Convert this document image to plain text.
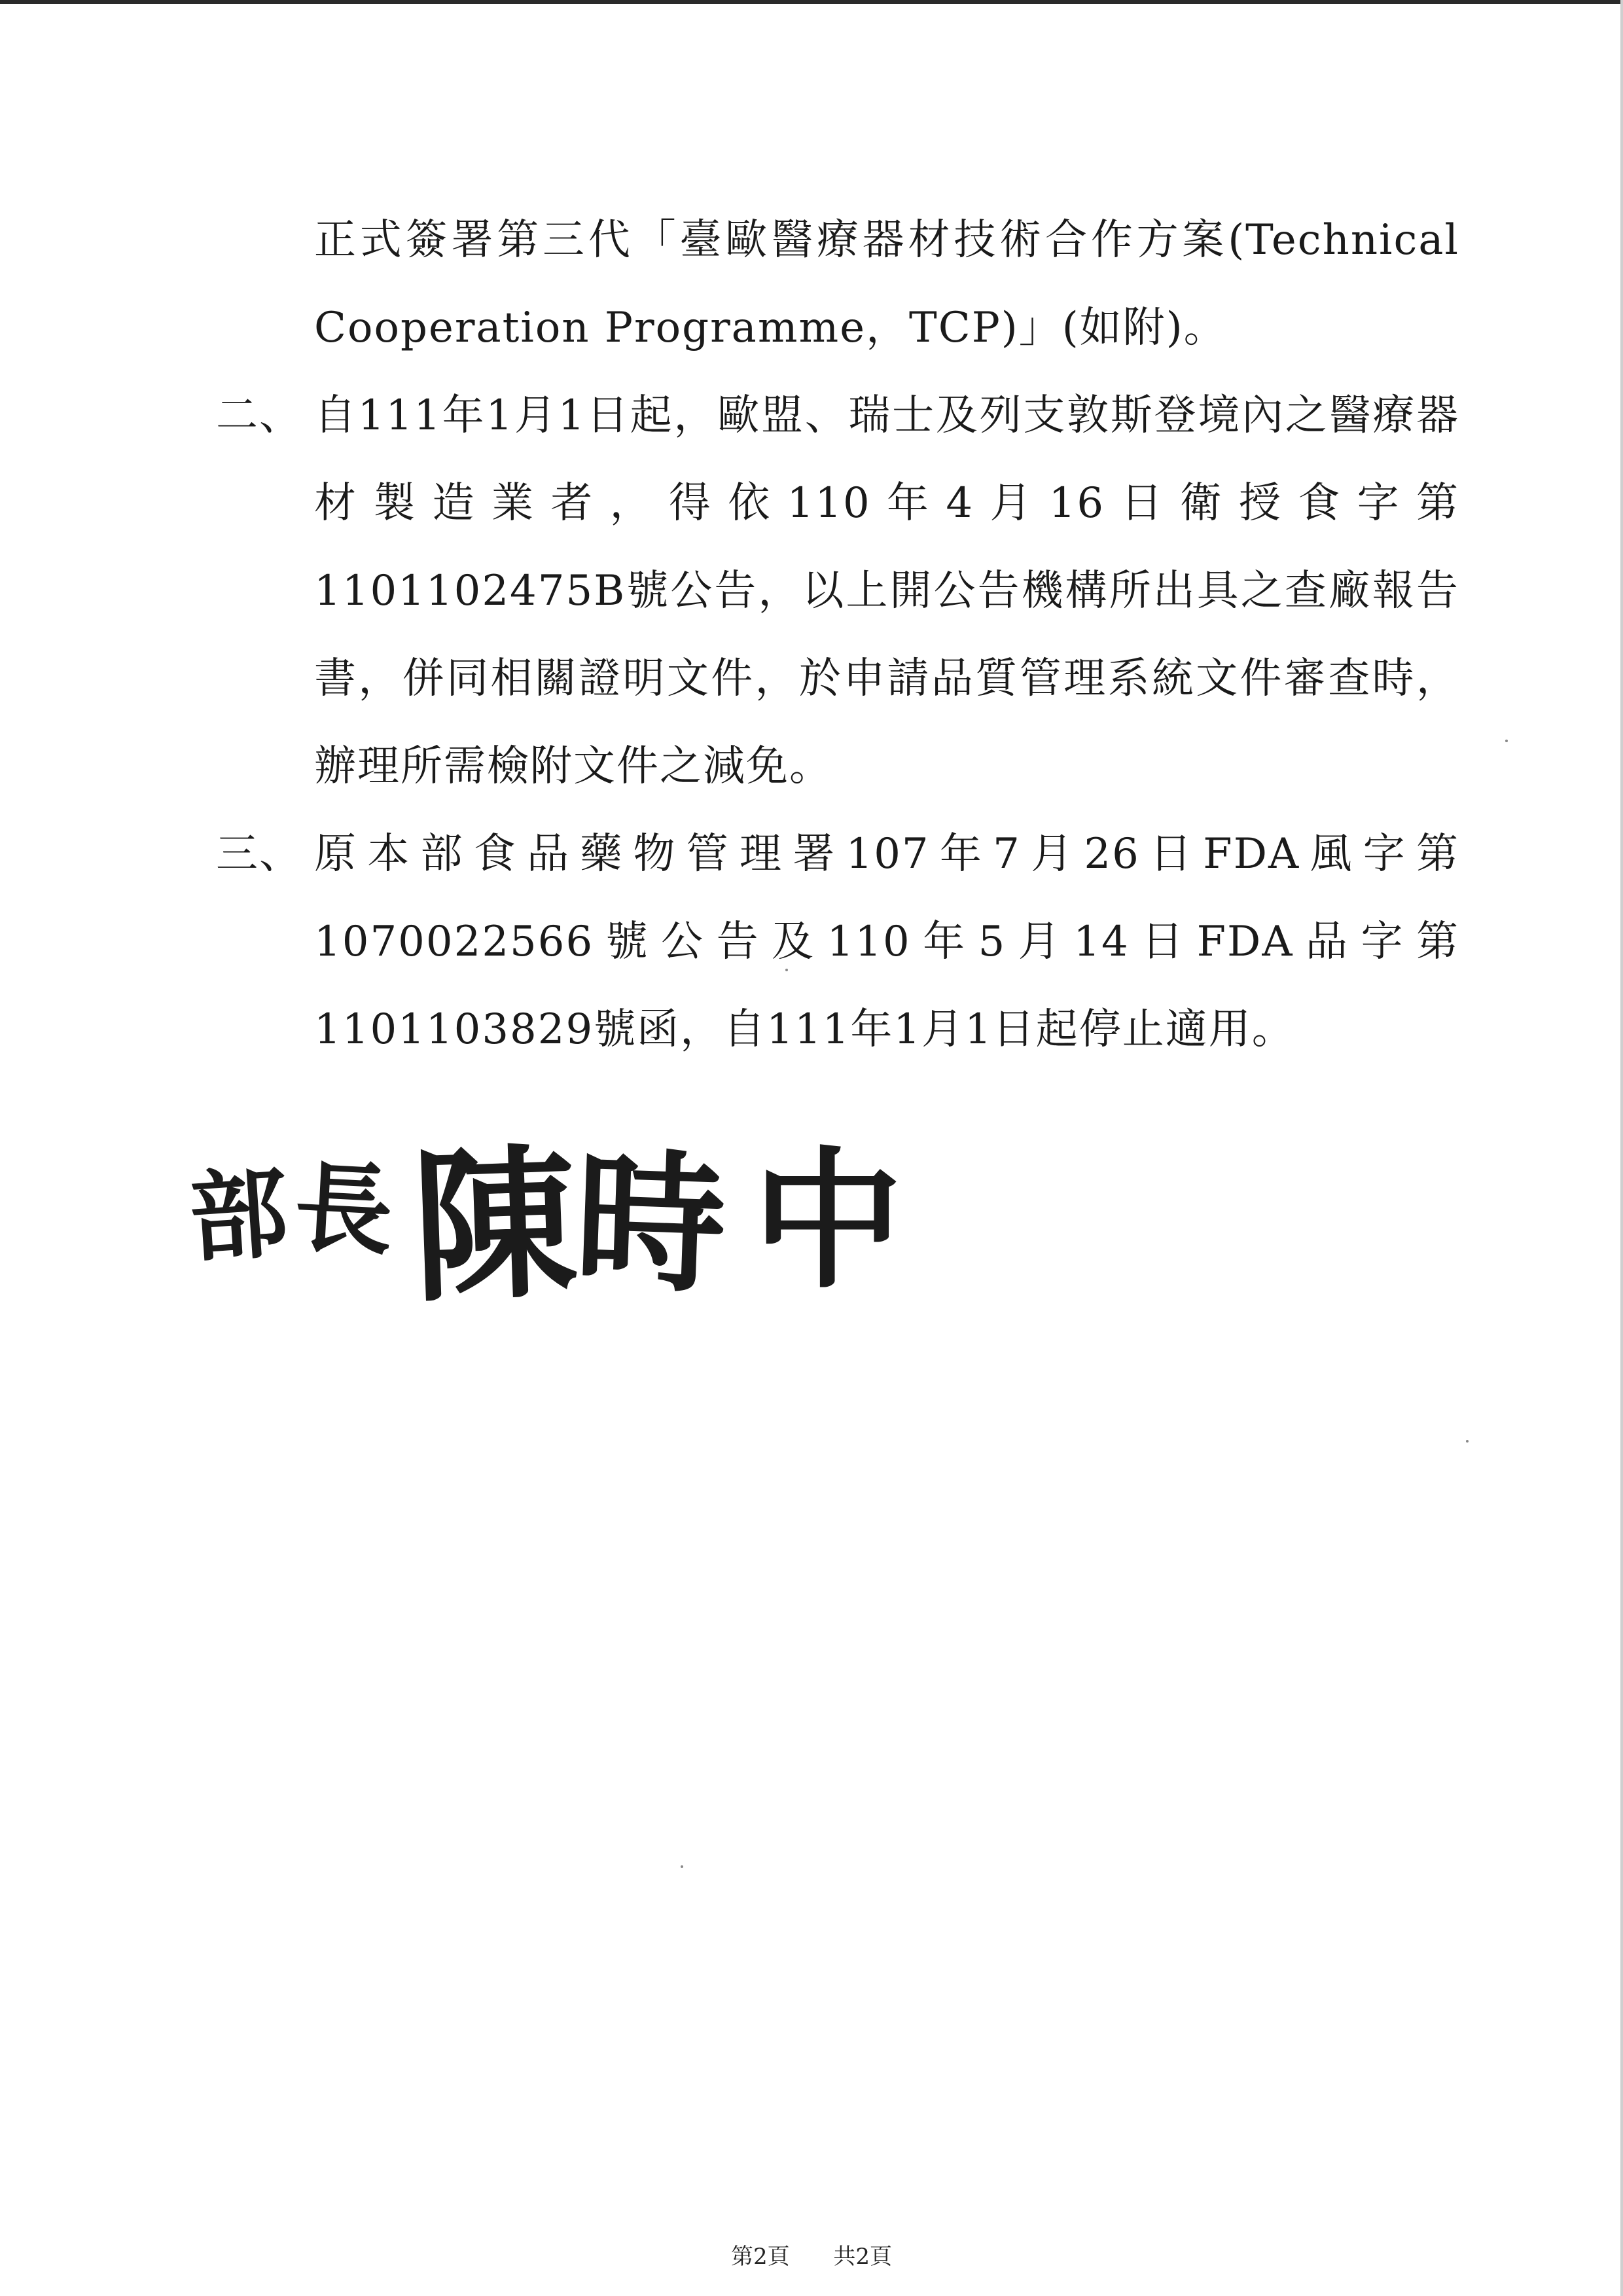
正式簽署第三代「臺歐醫療器材技術合作方案(Technical Cooperation Programme，TCP)」(如附)。

二、 自111年1月1日起，歐盟、瑞士及列支敦斯登境內之醫療器材製造業者，得依110年4月16日衛授食字第1101102475B號公告，以上開公告機構所出具之查廠報告書，併同相關證明文件，於申請品質管理系統文件審查時，辦理所需檢附文件之減免。

三、 原本部食品藥物管理署107年7月26日FDA風字第1070022566號公告及110年5月14日FDA品字第1101103829號函，自111年1月1日起停止適用。

部 長 陳
時 中
第2頁 共2頁
